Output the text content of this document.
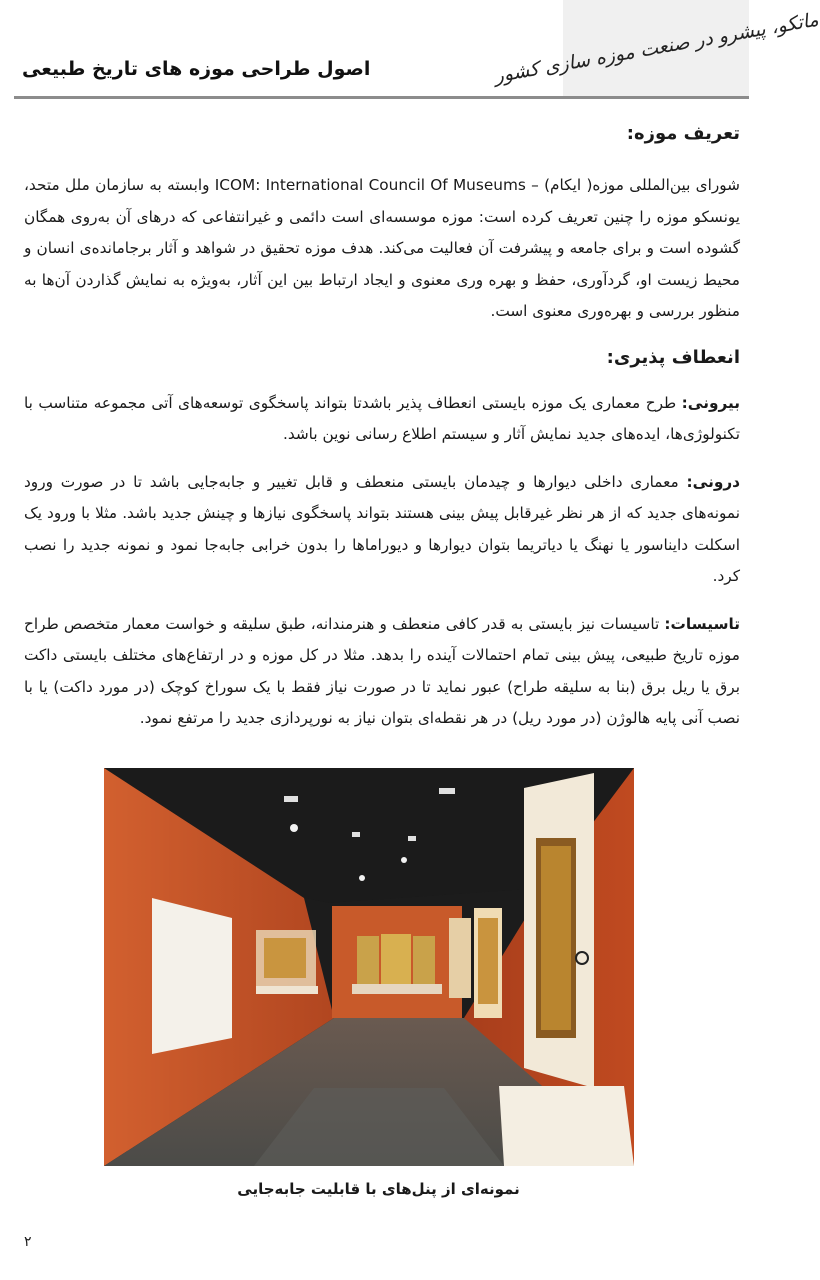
ماتکو، پیشرو در صنعت موزه سازی کشور
اصول طراحی موزه های تاریخ طبیعی
تعریف موزه:

شورای بین‌المللی موزه( ایکام) – ICOM: International Council Of Museums وابسته به سازمان ملل متحد، یونسکو موزه را چنین تعریف کرده است: موزه موسسه‌ای است دائمی و غیرانتفاعی که درهای آن به‌روی همگان گشوده است و برای جامعه و پیشرفت آن فعالیت می‌کند. هدف موزه تحقیق در شواهد و آثار برجامانده‌ی انسان و محیط زیست او، گردآوری، حفظ و بهره وری معنوی و ایجاد ارتباط بین این آثار، به‌ویژه به نمایش گذاردن آن‌ها به منظور بررسی و بهره‌وری معنوی است.

انعطاف پذیری:

بیرونی: طرح معماری یک موزه بایستی انعطاف پذیر باشدتا بتواند پاسخگوی توسعه‌های آتی مجموعه متناسب با تکنولوژی‌ها، ایده‌های جدید نمایش آثار و سیستم اطلاع رسانی نوین باشد.

درونی: معماری داخلی دیوارها و چیدمان بایستی منعطف و قابل تغییر و جابه‌جایی باشد تا در صورت ورود نمونه‌های جدید که از هر نظر غیرقابل پیش بینی هستند بتواند پاسخگوی نیازها و چینش جدید باشد. مثلا با ورود یک اسکلت دایناسور یا نهنگ یا دیاتریما بتوان دیوارها و دیوراماها را بدون خرابی جابه‌جا نمود و نمونه جدید را نصب کرد.

تاسیسات: تاسیسات نیز بایستی به قدر کافی منعطف و هنرمندانه، طبق سلیقه و خواست معمار متخصص طراح موزه تاریخ طبیعی، پیش بینی تمام احتمالات آینده را بدهد. مثلا در کل موزه و در ارتفاع‌های مختلف بایستی داکت برق یا ریل برق (بنا به سلیقه طراح) عبور نماید تا در صورت نیاز فقط با یک سوراخ کوچک (در مورد داکت) یا با نصب آنی پایه هالوژن (در مورد ریل) در هر نقطه‌ای بتوان نیاز به نورپردازی جدید را مرتفع نمود.

نمونه‌ای از پنل‌های با قابلیت جابه‌جایی
۲
